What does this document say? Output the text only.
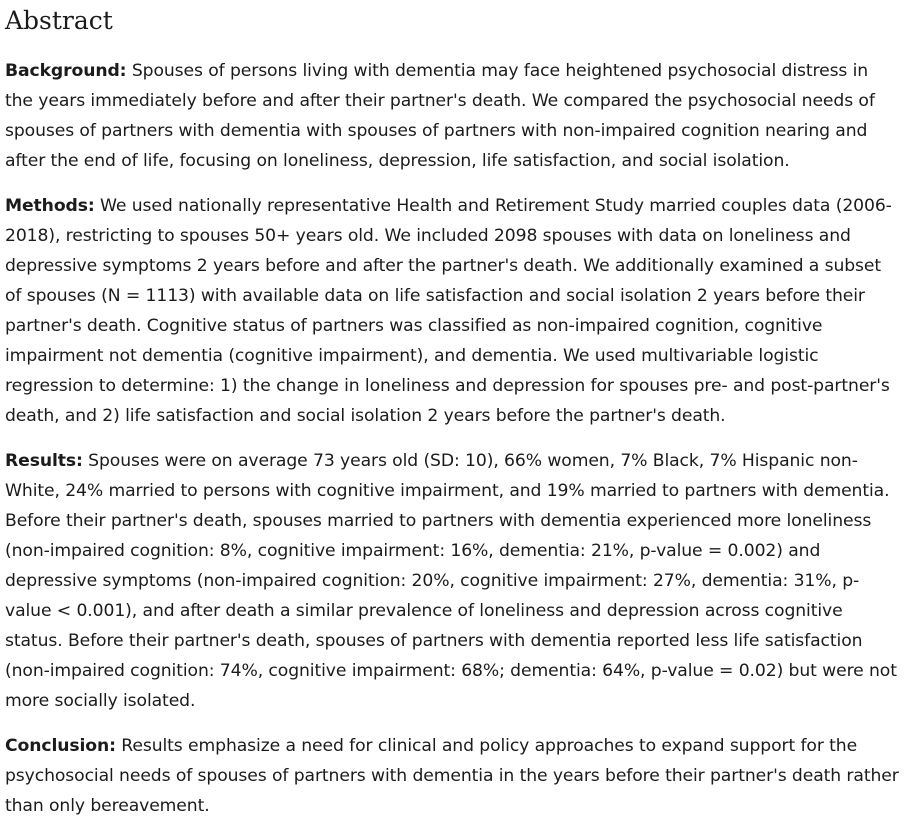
Abstract

Background: Spouses of persons living with dementia may face heightened psychosocial distress in the years immediately before and after their partner's death. We compared the psychosocial needs of spouses of partners with dementia with spouses of partners with non-impaired cognition nearing and after the end of life, focusing on loneliness, depression, life satisfaction, and social isolation.

Methods: We used nationally representative Health and Retirement Study married couples data (2006-2018), restricting to spouses 50+ years old. We included 2098 spouses with data on loneliness and depressive symptoms 2 years before and after the partner's death. We additionally examined a subset of spouses (N = 1113) with available data on life satisfaction and social isolation 2 years before their partner's death. Cognitive status of partners was classified as non-impaired cognition, cognitive impairment not dementia (cognitive impairment), and dementia. We used multivariable logistic regression to determine: 1) the change in loneliness and depression for spouses pre- and post-partner's death, and 2) life satisfaction and social isolation 2 years before the partner's death.

Results: Spouses were on average 73 years old (SD: 10), 66% women, 7% Black, 7% Hispanic non-White, 24% married to persons with cognitive impairment, and 19% married to partners with dementia. Before their partner's death, spouses married to partners with dementia experienced more loneliness (non-impaired cognition: 8%, cognitive impairment: 16%, dementia: 21%, p-value = 0.002) and depressive symptoms (non-impaired cognition: 20%, cognitive impairment: 27%, dementia: 31%, p-value < 0.001), and after death a similar prevalence of loneliness and depression across cognitive status. Before their partner's death, spouses of partners with dementia reported less life satisfaction (non-impaired cognition: 74%, cognitive impairment: 68%; dementia: 64%, p-value = 0.02) but were not more socially isolated.

Conclusion: Results emphasize a need for clinical and policy approaches to expand support for the psychosocial needs of spouses of partners with dementia in the years before their partner's death rather than only bereavement.
